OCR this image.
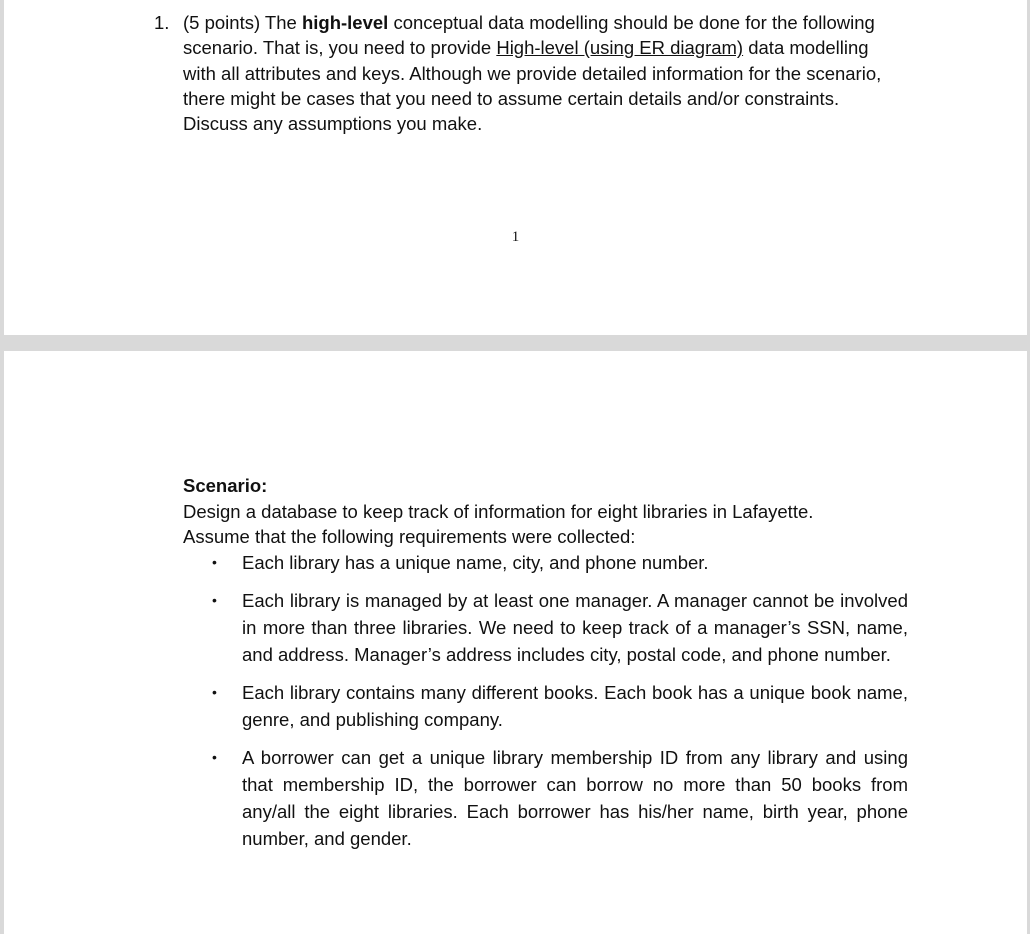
1. (5 points) The high-level conceptual data modelling should be done for the following scenario. That is, you need to provide High-level (using ER diagram) data modelling with all attributes and keys. Although we provide detailed information for the scenario, there might be cases that you need to assume certain details and/or constraints. Discuss any assumptions you make.
1
Scenario:
Design a database to keep track of information for eight libraries in Lafayette.
Assume that the following requirements were collected:
• Each library has a unique name, city, and phone number.
• Each library is managed by at least one manager. A manager cannot be involved in more than three libraries. We need to keep track of a manager’s SSN, name, and address. Manager’s address includes city, postal code, and phone number.
• Each library contains many different books. Each book has a unique book name, genre, and publishing company.
• A borrower can get a unique library membership ID from any library and using that membership ID, the borrower can borrow no more than 50 books from any/all the eight libraries. Each borrower has his/her name, birth year, phone number, and gender.
